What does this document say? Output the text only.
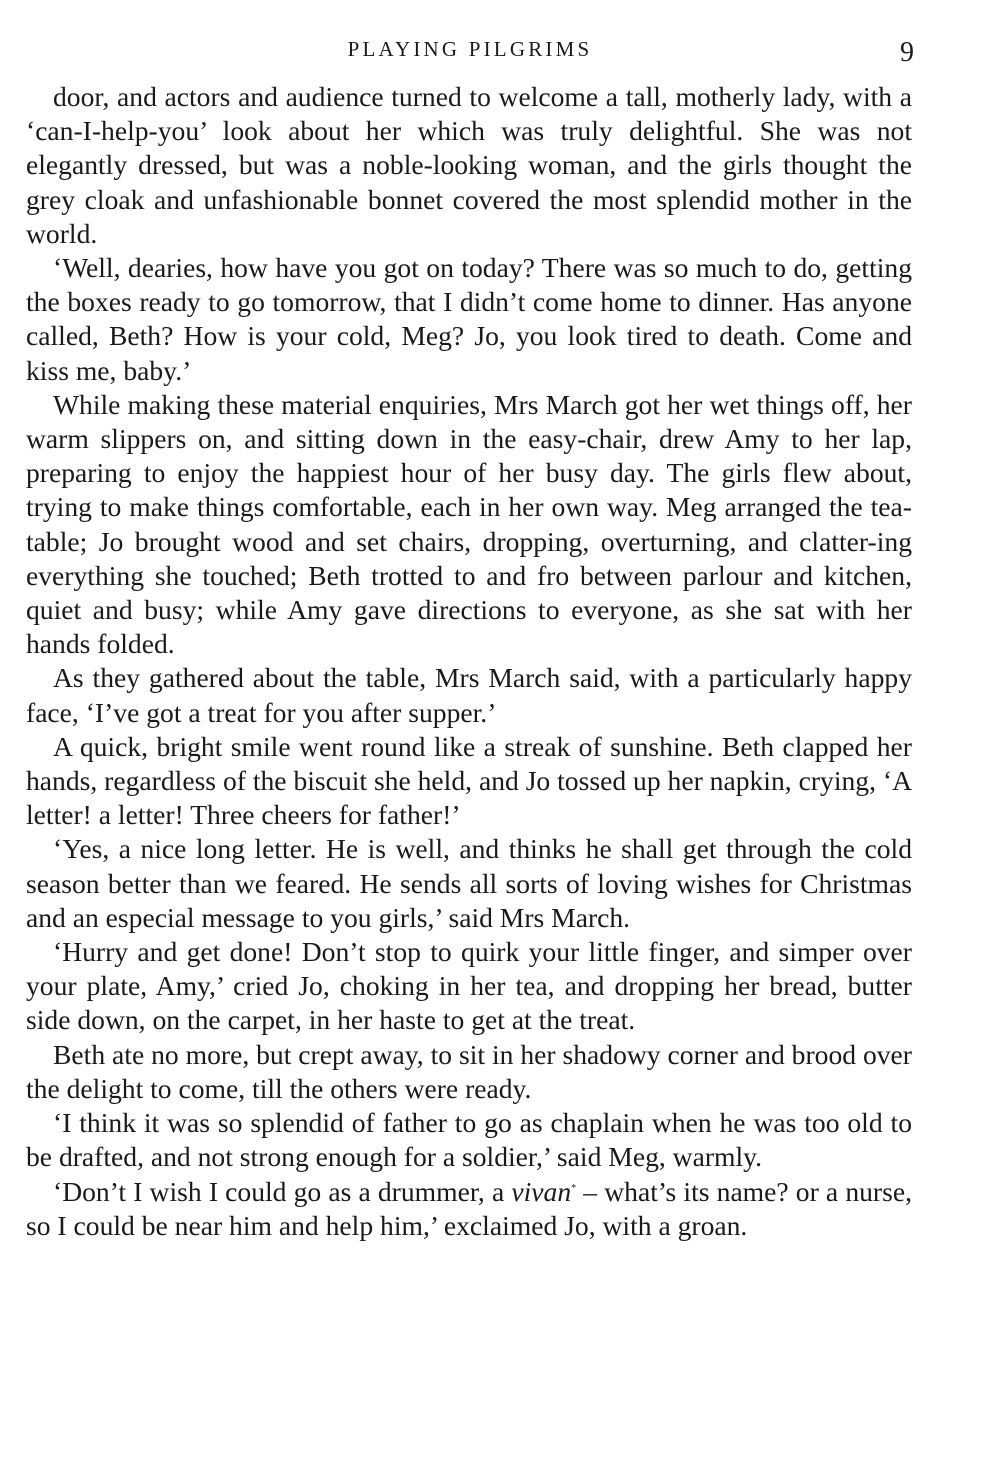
PLAYING PILGRIMS	9

door, and actors and audience turned to welcome a tall, motherly lady, with a ‘can-I-help-you’ look about her which was truly delightful. She was not elegantly dressed, but was a noble-looking woman, and the girls thought the grey cloak and unfashionable bonnet covered the most splendid mother in the world.

‘Well, dearies, how have you got on today? There was so much to do, getting the boxes ready to go tomorrow, that I didn’t come home to dinner. Has anyone called, Beth? How is your cold, Meg? Jo, you look tired to death. Come and kiss me, baby.’

While making these material enquiries, Mrs March got her wet things off, her warm slippers on, and sitting down in the easy-chair, drew Amy to her lap, preparing to enjoy the happiest hour of her busy day. The girls flew about, trying to make things comfortable, each in her own way. Meg arranged the tea-table; Jo brought wood and set chairs, dropping, overturning, and clatter-ing everything she touched; Beth trotted to and fro between parlour and kitchen, quiet and busy; while Amy gave directions to everyone, as she sat with her hands folded.

As they gathered about the table, Mrs March said, with a particularly happy face, ‘I’ve got a treat for you after supper.’

A quick, bright smile went round like a streak of sunshine. Beth clapped her hands, regardless of the biscuit she held, and Jo tossed up her napkin, crying, ‘A letter! a letter! Three cheers for father!’

‘Yes, a nice long letter. He is well, and thinks he shall get through the cold season better than we feared. He sends all sorts of loving wishes for Christmas and an especial message to you girls,’ said Mrs March.

‘Hurry and get done! Don’t stop to quirk your little finger, and simper over your plate, Amy,’ cried Jo, choking in her tea, and dropping her bread, butter side down, on the carpet, in her haste to get at the treat.

Beth ate no more, but crept away, to sit in her shadowy corner and brood over the delight to come, till the others were ready.

‘I think it was so splendid of father to go as chaplain when he was too old to be drafted, and not strong enough for a soldier,’ said Meg, warmly.

‘Don’t I wish I could go as a drummer, a vivan* – what’s its name? or a nurse, so I could be near him and help him,’ exclaimed Jo, with a groan.
